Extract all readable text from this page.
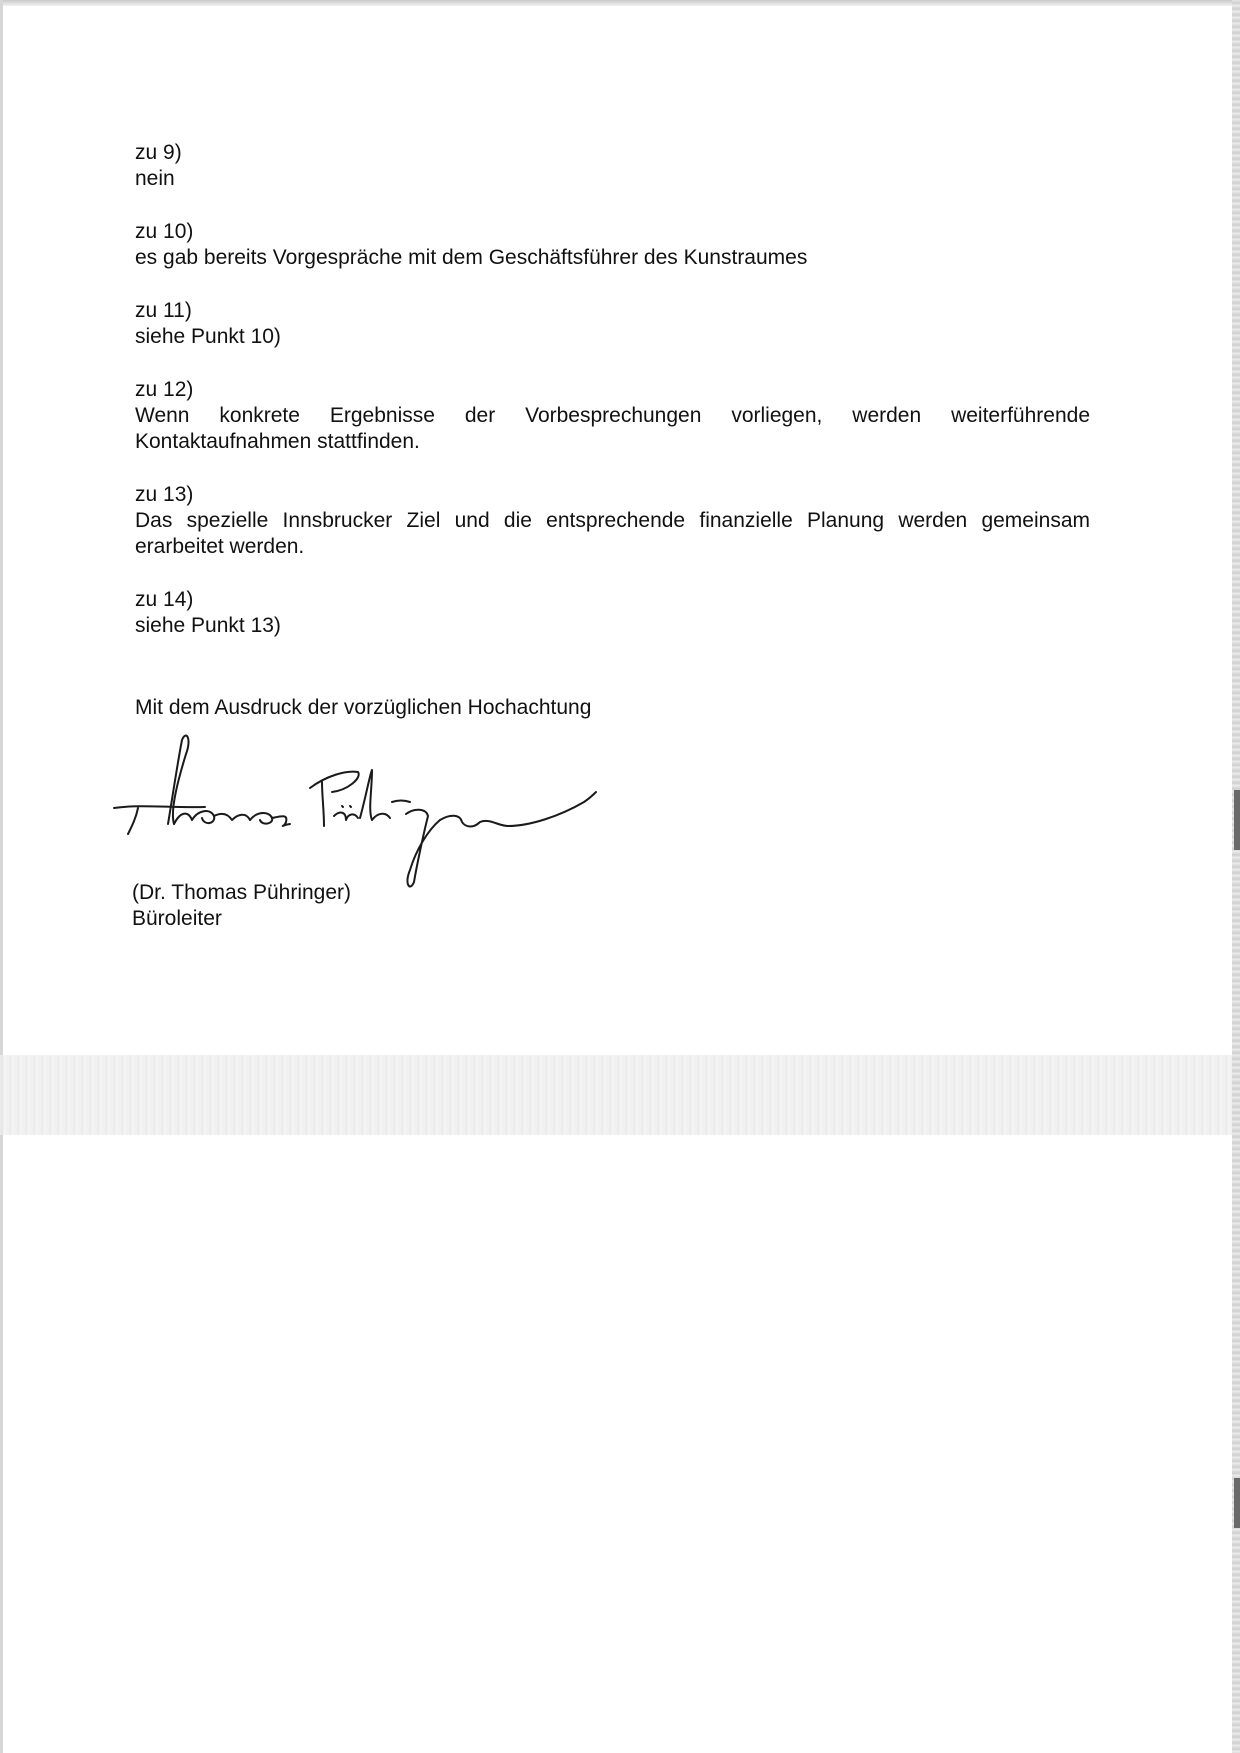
zu 9)

nein

zu 10)

es gab bereits Vorgespräche mit dem Geschäftsführer des Kunstraumes

zu 11)

siehe Punkt 10)

zu 12)

Wenn konkrete Ergebnisse der Vorbesprechungen vorliegen, werden weiterführende Kontaktaufnahmen stattfinden.

zu 13)

Das spezielle Innsbrucker Ziel und die entsprechende finanzielle Planung werden gemeinsam erarbeitet werden.

zu 14)

siehe Punkt 13)

Mit dem Ausdruck der vorzüglichen Hochachtung

(Dr. Thomas Pühringer)

Büroleiter
